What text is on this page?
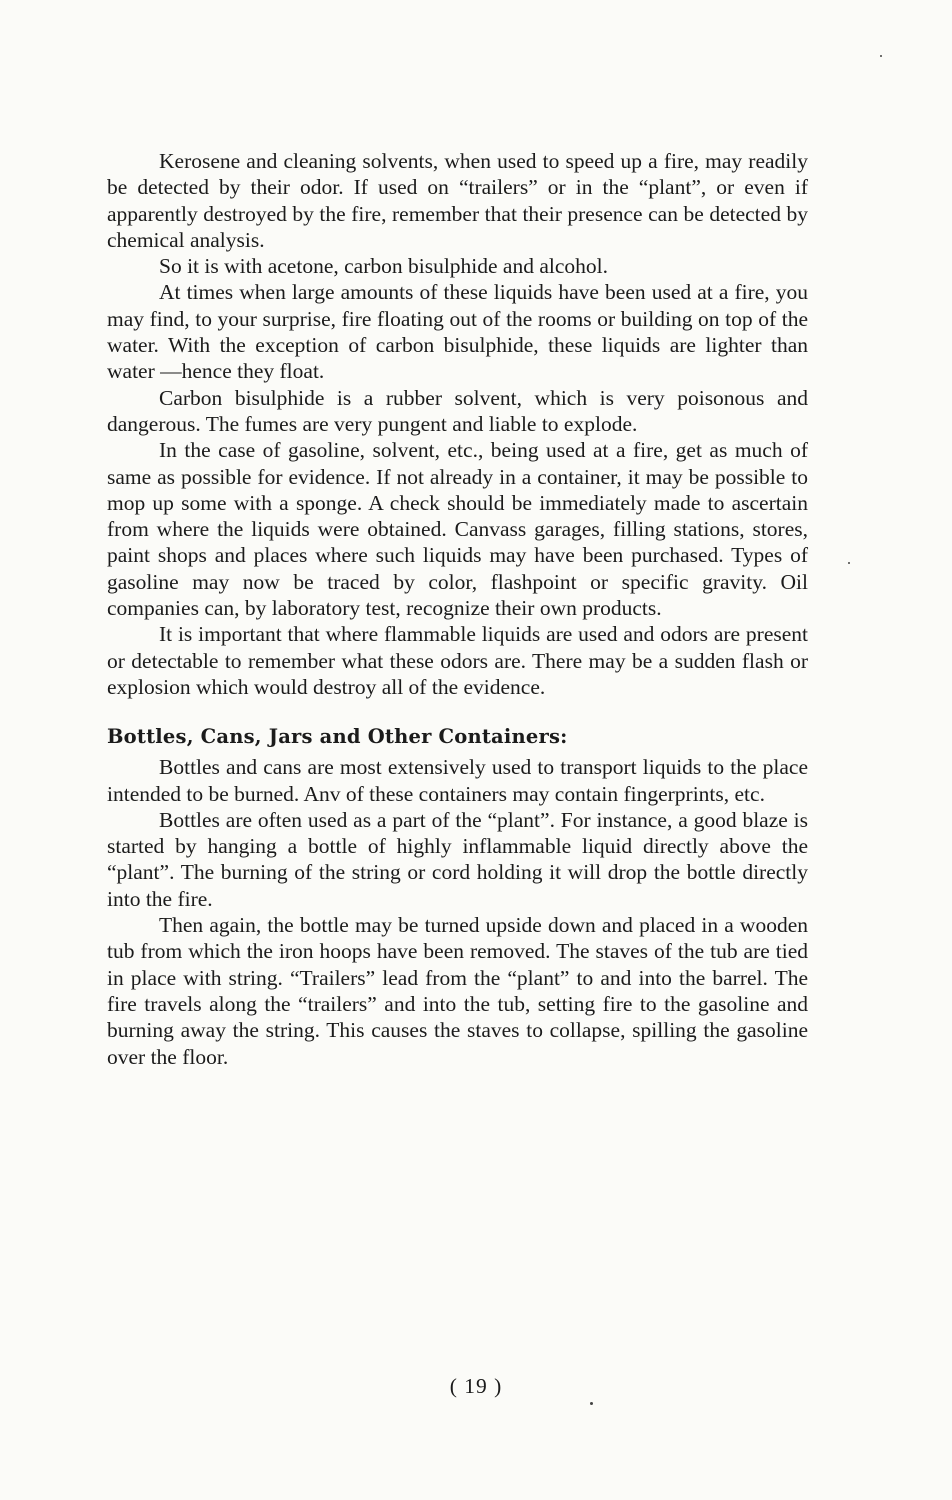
Kerosene and cleaning solvents, when used to speed up a fire, may readily be detected by their odor. If used on “trailers” or in the “plant”, or even if apparently destroyed by the fire, remember that their presence can be detected by chemical analysis.

So it is with acetone, carbon bisulphide and alcohol.

At times when large amounts of these liquids have been used at a fire, you may find, to your surprise, fire floating out of the rooms or building on top of the water. With the exception of carbon bisulphide, these liquids are lighter than water —hence they float.

Carbon bisulphide is a rubber solvent, which is very poisonous and dangerous. The fumes are very pungent and liable to explode.

In the case of gasoline, solvent, etc., being used at a fire, get as much of same as possible for evidence. If not already in a container, it may be possible to mop up some with a sponge. A check should be immediately made to ascertain from where the liquids were obtained. Canvass garages, filling stations, stores, paint shops and places where such liquids may have been purchased. Types of gasoline may now be traced by color, flashpoint or specific gravity. Oil companies can, by laboratory test, recognize their own products.

It is important that where flammable liquids are used and odors are present or detectable to remember what these odors are. There may be a sudden flash or explosion which would destroy all of the evidence.

Bottles, Cans, Jars and Other Containers:

Bottles and cans are most extensively used to transport liquids to the place intended to be burned. Anv of these containers may contain fingerprints, etc.

Bottles are often used as a part of the “plant”. For instance, a good blaze is started by hanging a bottle of highly inflammable liquid directly above the “plant”. The burning of the string or cord holding it will drop the bottle directly into the fire.

Then again, the bottle may be turned upside down and placed in a wooden tub from which the iron hoops have been removed. The staves of the tub are tied in place with string. “Trailers” lead from the “plant” to and into the barrel. The fire travels along the “trailers” and into the tub, setting fire to the gasoline and burning away the string. This causes the staves to collapse, spilling the gasoline over the floor.

( 19 )
